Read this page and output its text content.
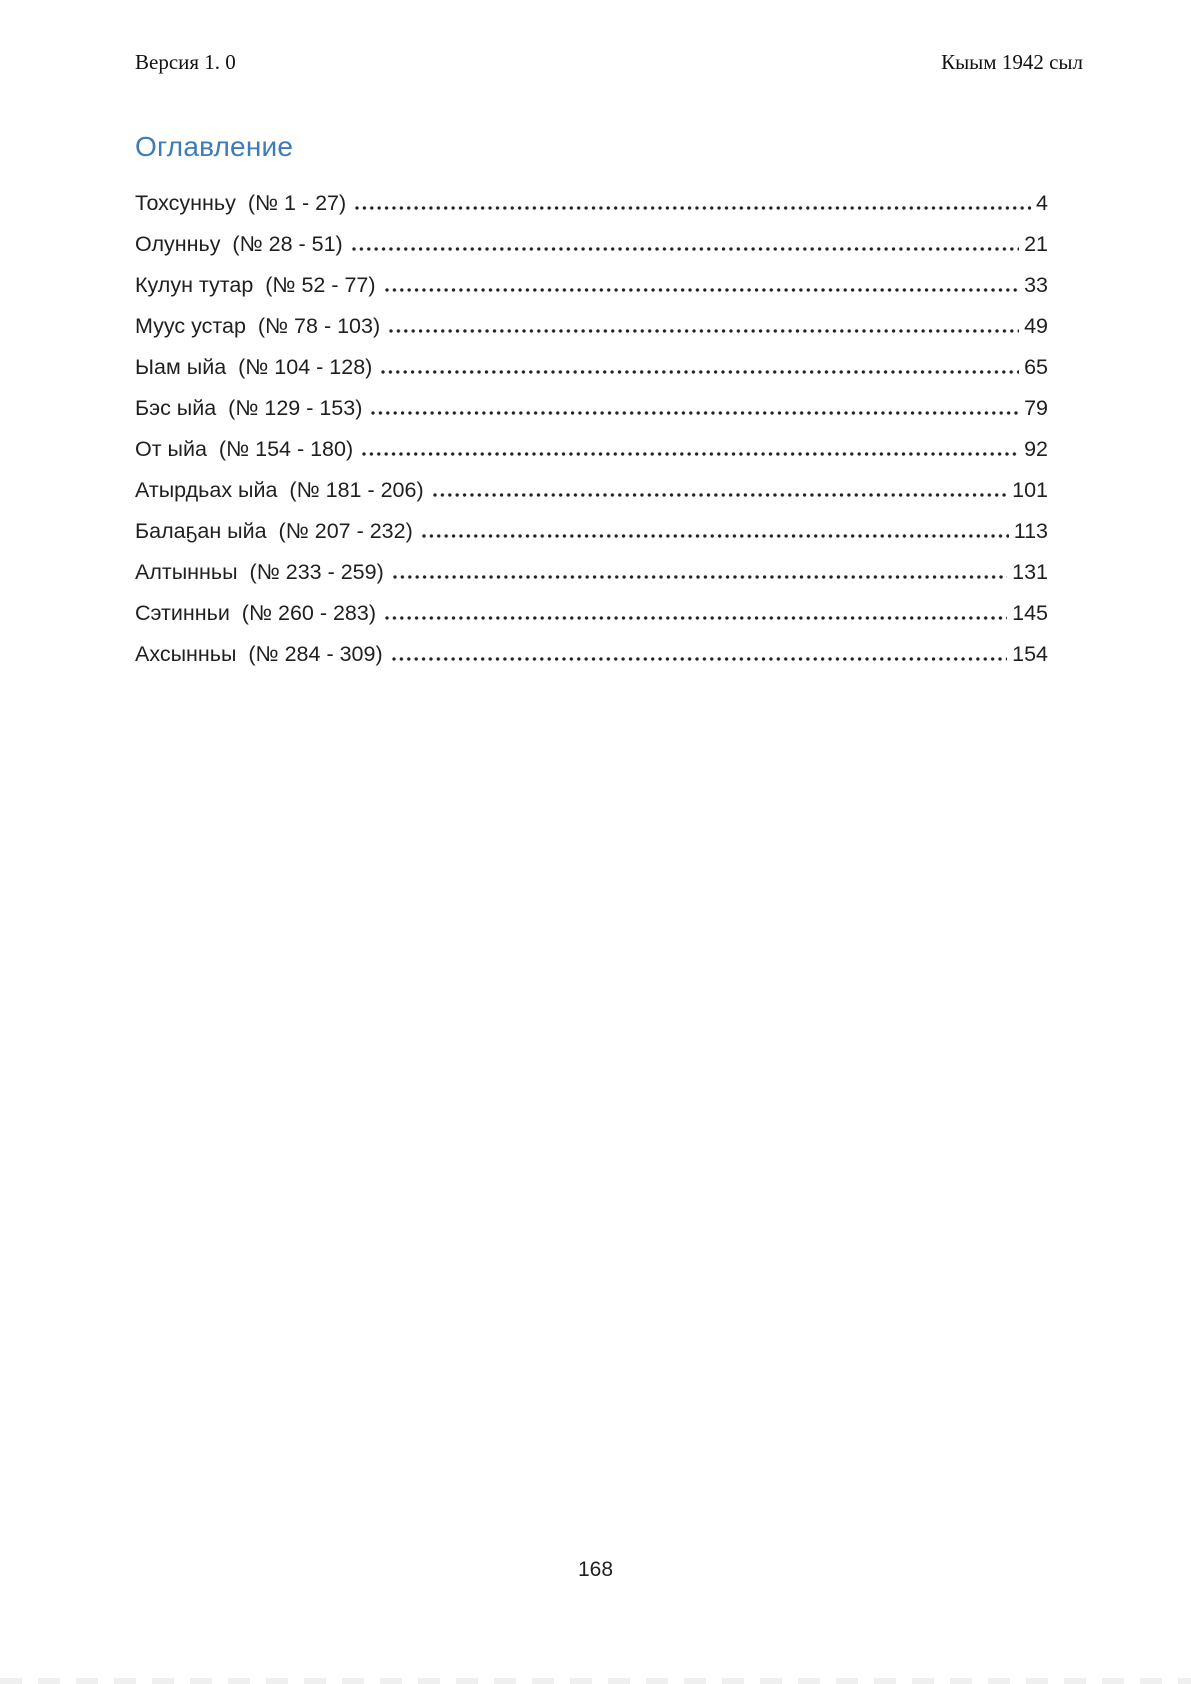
Версия 1. 0	Кыым 1942 сыл
Оглавление
Тохсунньу  (№ 1 - 27)	4
Олунньу  (№ 28 - 51)	21
Кулун тутар  (№ 52 - 77)	33
Муус устар  (№ 78 - 103)	49
Ыам ыйа  (№ 104 - 128)	65
Бэс ыйа  (№ 129 - 153)	79
От ыйа  (№ 154 - 180)	92
Атырдьах ыйа  (№ 181 - 206)	101
Балаҕан ыйа  (№ 207 - 232)	113
Алтынньы  (№ 233 - 259)	131
Сэтинньи  (№ 260 - 283)	145
Ахсынньы  (№ 284 - 309)	154
168
